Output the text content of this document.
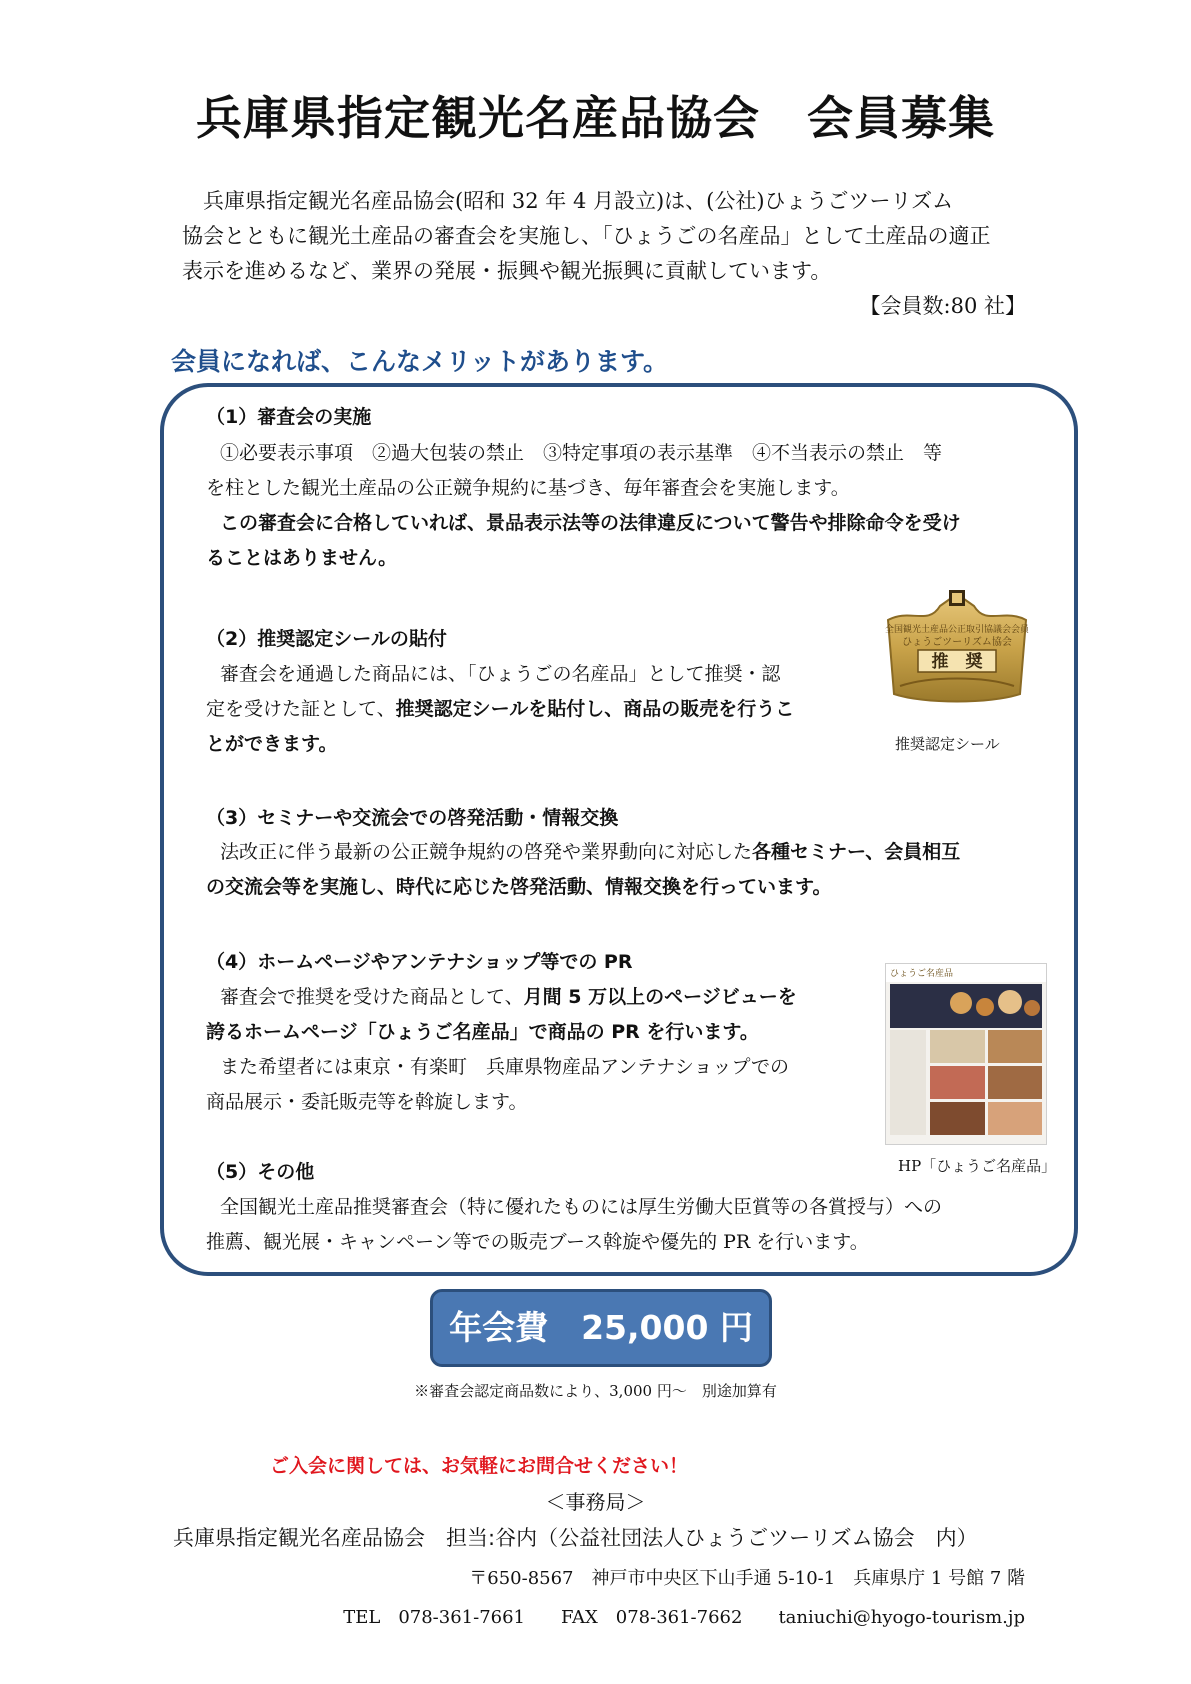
兵庫県指定観光名産品協会　会員募集

　兵庫県指定観光名産品協会(昭和 32 年 4 月設立)は、(公社)ひょうごツーリズム

協会とともに観光土産品の審査会を実施し、「ひょうごの名産品」として土産品の適正

表示を進めるなど、業界の発展・振興や観光振興に貢献しています。

【会員数:80 社】
会員になれば、こんなメリットがあります。
（1）審査会の実施

①必要表示事項　②過大包装の禁止　③特定事項の表示基準　④不当表示の禁止　等

を柱とした観光土産品の公正競争規約に基づき、毎年審査会を実施します。

この審査会に合格していれば、景品表示法等の法律違反について警告や排除命令を受け

ることはありません。

（2）推奨認定シールの貼付

審査会を通過した商品には、「ひょうごの名産品」として推奨・認

定を受けた証として、推奨認定シールを貼付し、商品の販売を行うこ

とができます。

全国観光土産品公正取引協議会会員
ひょうごツーリズム協会
推　奨
推奨認定シール
（3）セミナーや交流会での啓発活動・情報交換

法改正に伴う最新の公正競争規約の啓発や業界動向に対応した各種セミナー、会員相互

の交流会等を実施し、時代に応じた啓発活動、情報交換を行っています。

（4）ホームページやアンテナショップ等での PR

審査会で推奨を受けた商品として、月間 5 万以上のページビューを

誇るホームページ「ひょうご名産品」で商品の PR を行います。

また希望者には東京・有楽町　兵庫県物産品アンテナショップでの

商品展示・委託販売等を斡旋します。

ひょうご名産品
HP「ひょうご名産品」
（5）その他

全国観光土産品推奨審査会（特に優れたものには厚生労働大臣賞等の各賞授与）への

推薦、観光展・キャンペーン等での販売ブース斡旋や優先的 PR を行います。

年会費　25,000 円
※審査会認定商品数により、3,000 円～　別途加算有
ご入会に関しては、お気軽にお問合せください！
＜事務局＞
兵庫県指定観光名産品協会　担当:谷内（公益社団法人ひょうごツーリズム協会　内）
〒650-8567　神戸市中央区下山手通 5-10-1　兵庫県庁 1 号館 7 階
TEL　078-361-7661 FAX　078-361-7662 taniuchi@hyogo-tourism.jp
